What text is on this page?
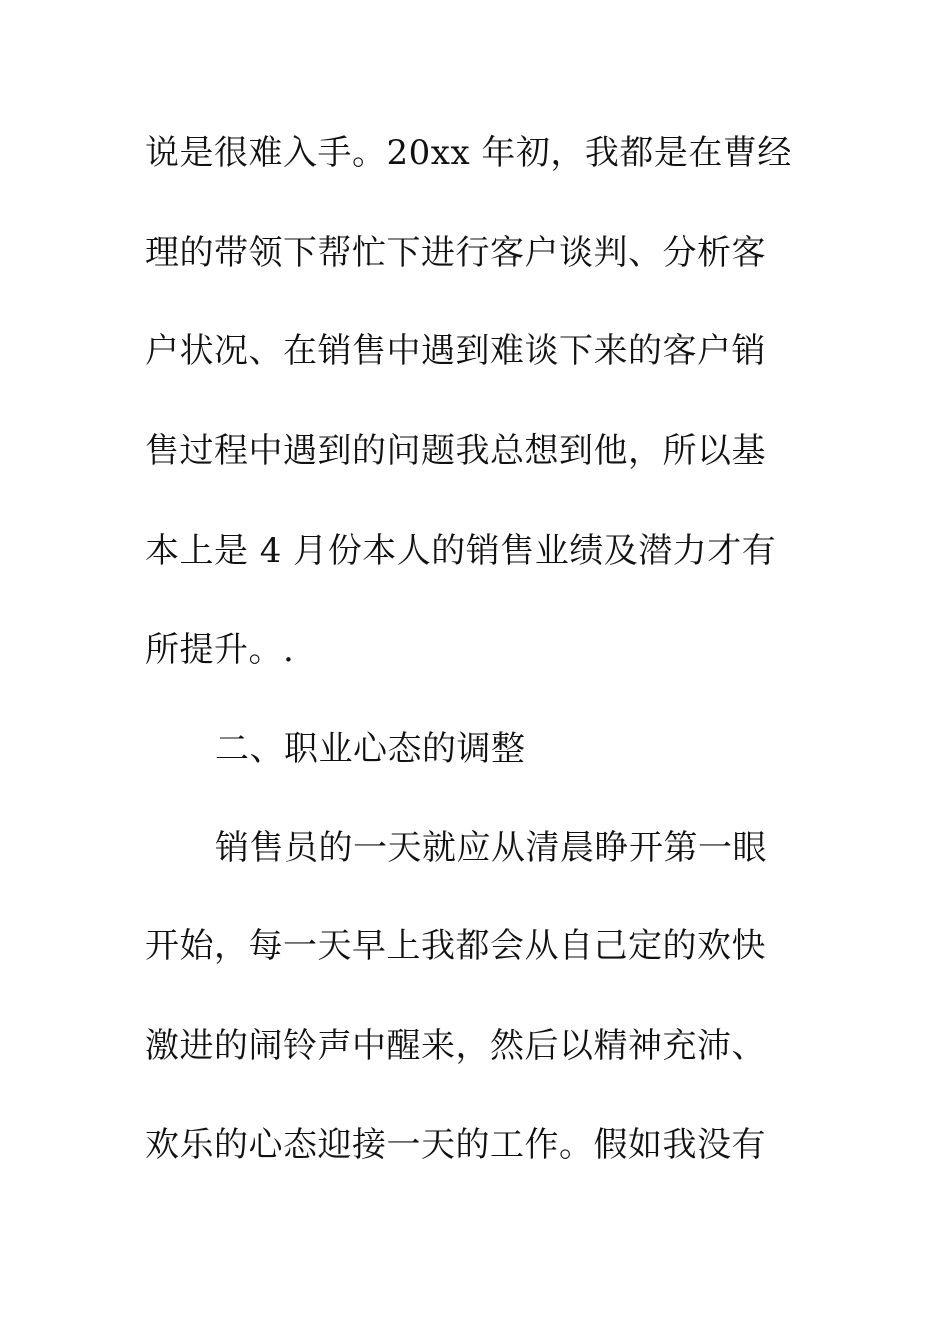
说是很难入手。20xx 年初，我都是在曹经
理的带领下帮忙下进行客户谈判、分析客
户状况、在销售中遇到难谈下来的客户销
售过程中遇到的问题我总想到他，所以基
本上是 4 月份本人的销售业绩及潜力才有
所提升。.
二、职业心态的调整
销售员的一天就应从清晨睁开第一眼
开始，每一天早上我都会从自己定的欢快
激进的闹铃声中醒来，然后以精神充沛、
欢乐的心态迎接一天的工作。假如我没有
